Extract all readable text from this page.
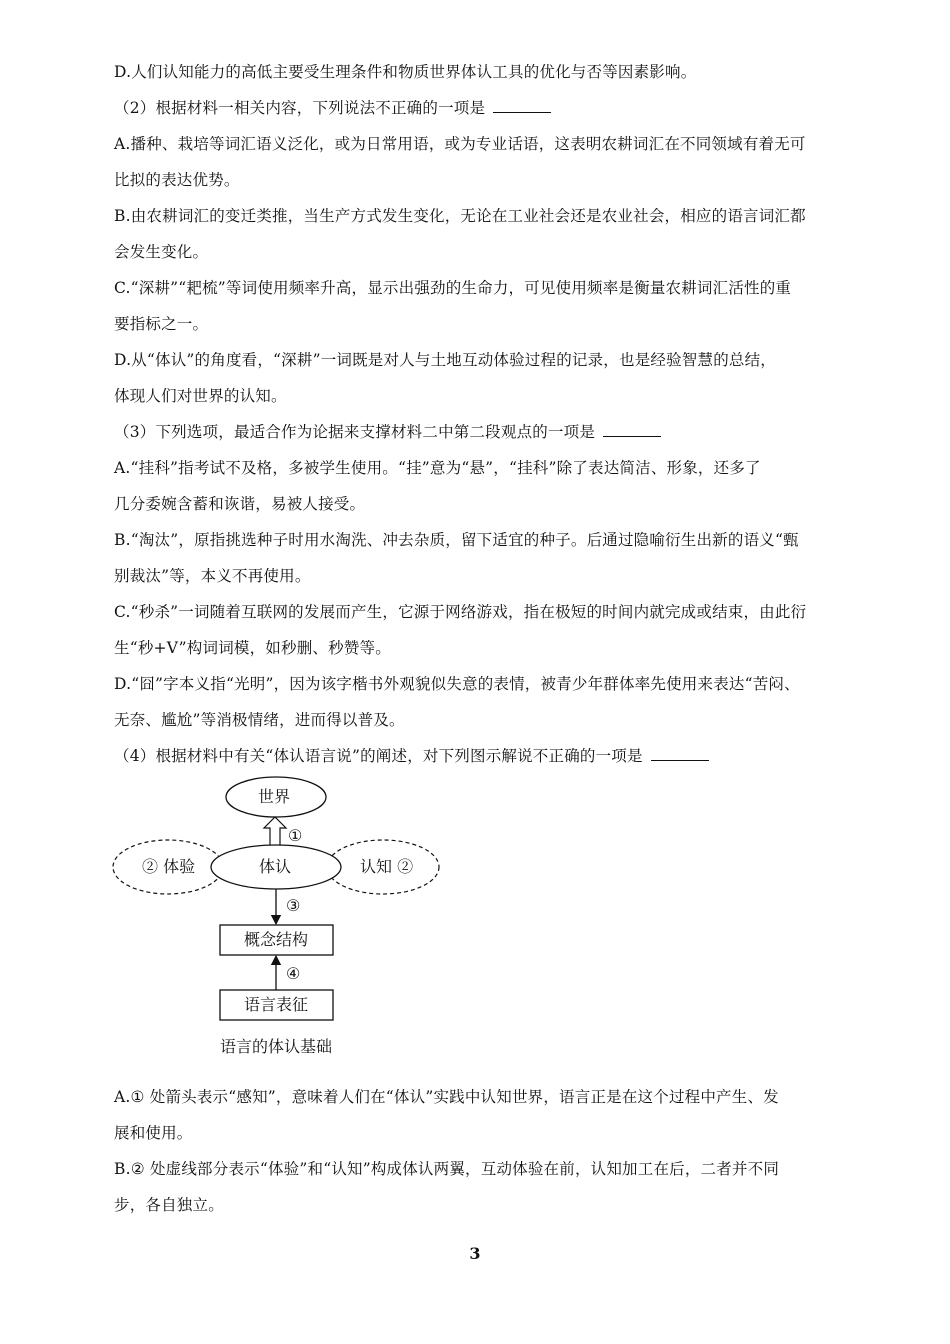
D.人们认知能力的高低主要受生理条件和物质世界体认工具的优化与否等因素影响。
（2）根据材料一相关内容，下列说法不正确的一项是
A.播种、栽培等词汇语义泛化，或为日常用语，或为专业话语，这表明农耕词汇在不同领域有着无可
比拟的表达优势。
B.由农耕词汇的变迁类推，当生产方式发生变化，无论在工业社会还是农业社会，相应的语言词汇都
会发生变化。
C.“深耕”“耙梳”等词使用频率升高，显示出强劲的生命力，可见使用频率是衡量农耕词汇活性的重
要指标之一。
D.从“体认”的角度看，“深耕”一词既是对人与土地互动体验过程的记录，也是经验智慧的总结，
体现人们对世界的认知。
（3）下列选项，最适合作为论据来支撑材料二中第二段观点的一项是
A.“挂科”指考试不及格，多被学生使用。“挂”意为“悬”，“挂科”除了表达简洁、形象，还多了
几分委婉含蓄和诙谐，易被人接受。
B.“淘汰”，原指挑选种子时用水淘洗、冲去杂质，留下适宜的种子。后通过隐喻衍生出新的语义“甄
别裁汰”等，本义不再使用。
C.“秒杀”一词随着互联网的发展而产生，它源于网络游戏，指在极短的时间内就完成或结束，由此衍
生“秒+V”构词词模，如秒删、秒赞等。
D.“囧”字本义指“光明”，因为该字楷书外观貌似失意的表情，被青少年群体率先使用来表达“苦闷、
无奈、尴尬”等消极情绪，进而得以普及。
（4）根据材料中有关“体认语言说”的阐述，对下列图示解说不正确的一项是
世界
①
② 体验	体认	认知 ②
③
概念结构
④
语言表征
语言的体认基础
A.① 处箭头表示“感知”，意味着人们在“体认”实践中认知世界，语言正是在这个过程中产生、发
展和使用。
B.② 处虚线部分表示“体验”和“认知”构成体认两翼，互动体验在前，认知加工在后，二者并不同
步，各自独立。
3
